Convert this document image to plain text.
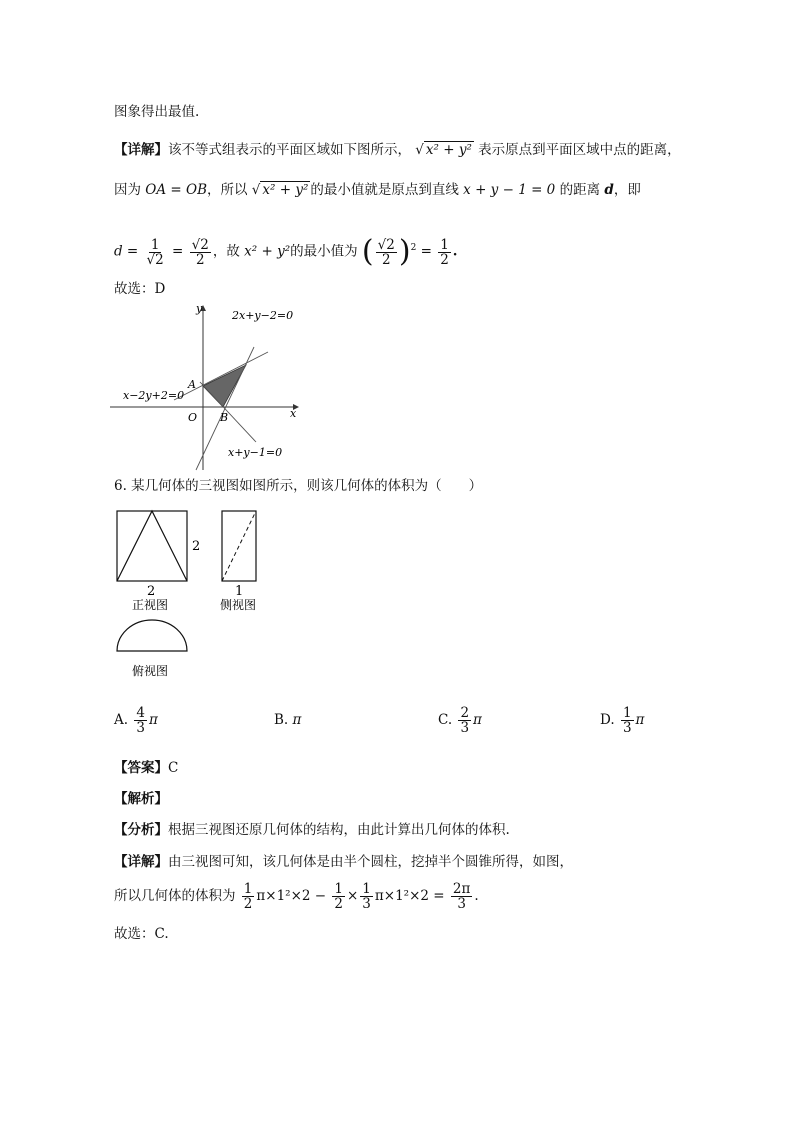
图象得出最值.
【详解】该不等式组表示的平面区域如下图所示， √ x² + y² 表示原点到平面区域中点的距离，
因为 OA = OB，所以 √ x² + y² 的最小值就是原点到直线 x + y − 1 = 0 的距离 d，即
$d = \frac{1}{√2} = \frac{√2}{2}$ ，故 x² + y²的最小值为 ( $\frac{√2}{2} )^2 = \frac{1}{2}$ .
故选：D
y
x
O
A
B
2x+y−2=0
x−2y+2=0
x+y−1=0
6. 某几何体的三视图如图所示，则该几何体的体积为（　　）
2
2
正视图
1
侧视图
俯视图
A. $\frac{4}{3}$ π	B. π	C. $\frac{2}{3}$ π	D. $\frac{1}{3}$ π
【答案】C
【解析】
【分析】根据三视图还原几何体的结构，由此计算出几何体的体积.
【详解】由三视图可知，该几何体是由半个圆柱，挖掉半个圆锥所得，如图，
所以几何体的体积为 $\frac{1}{2} \pi\times 1^2\times 2 - \frac{1}{2} \times \frac{1}{3} \pi\times 1^2\times 2 = \frac{2\pi}{3}$ .
故选：C.
